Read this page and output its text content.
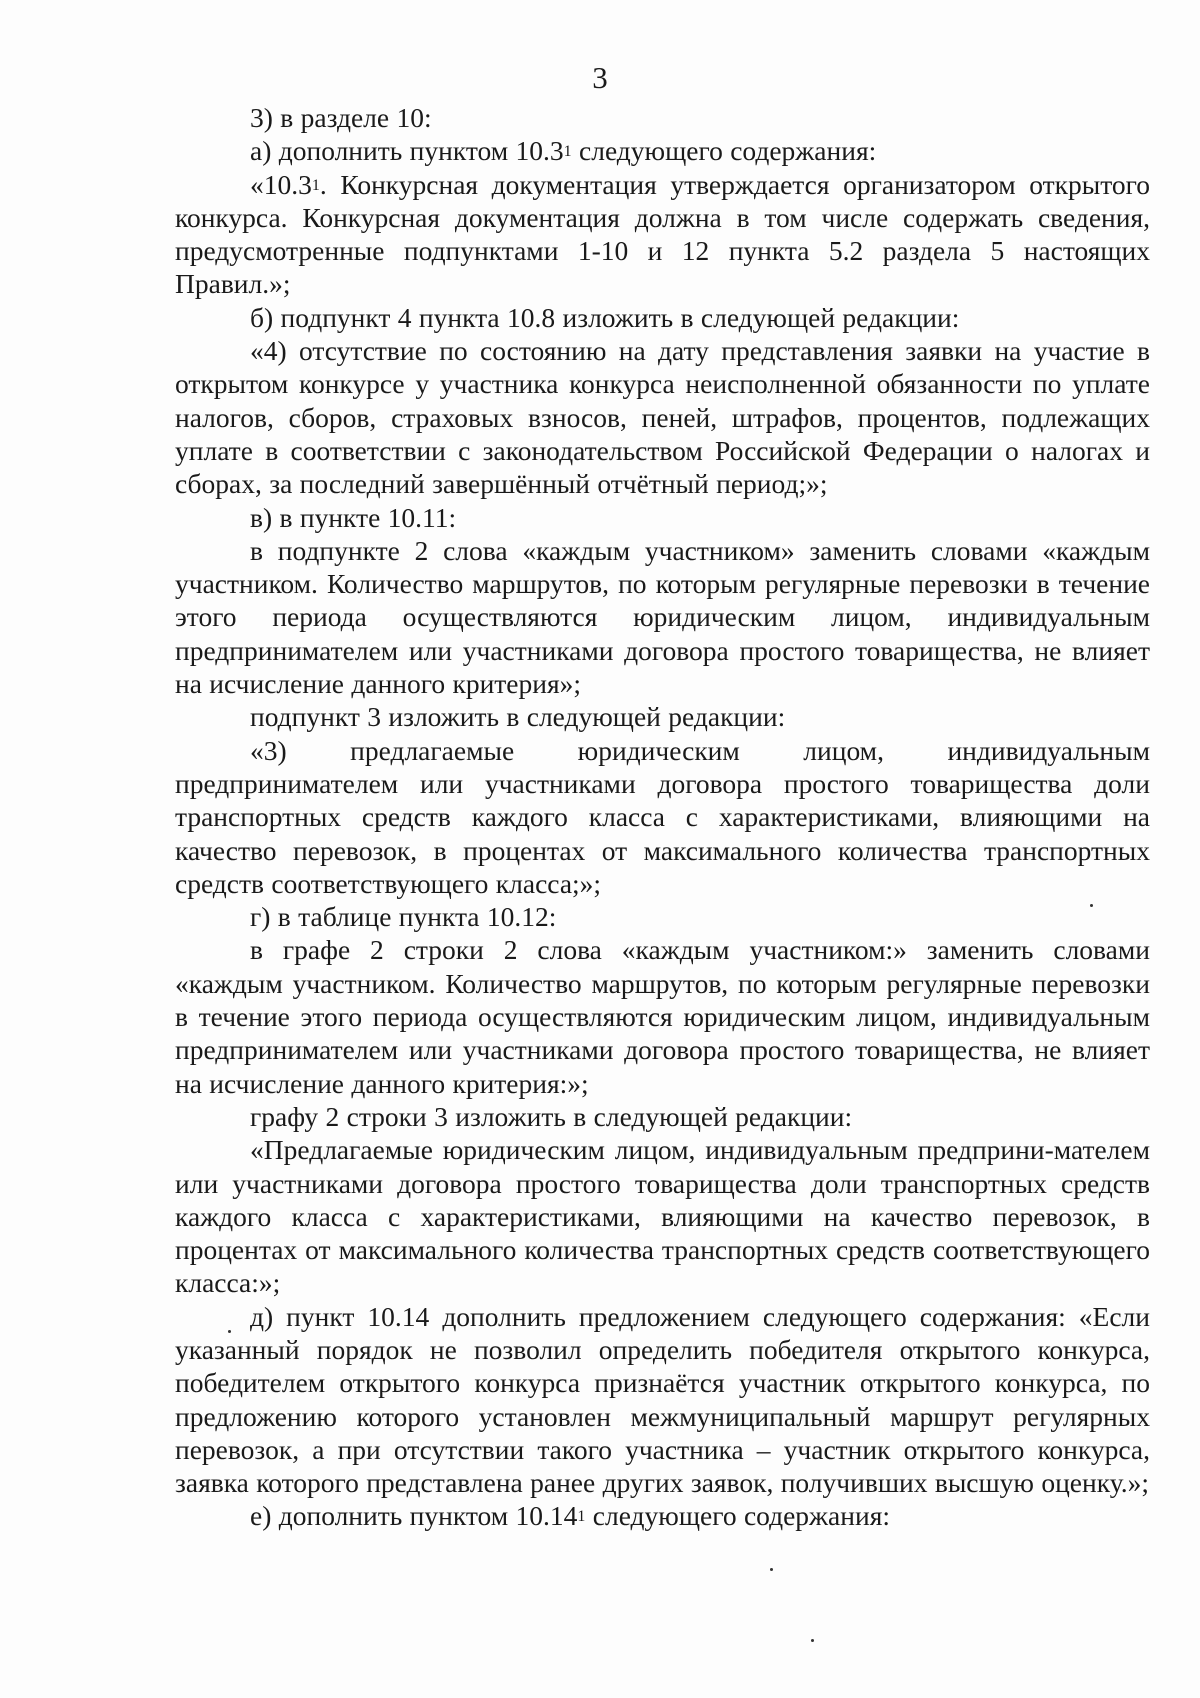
3

3) в разделе 10:

а) дополнить пунктом 10.3$^1$ следующего содержания:

«10.3$^1$. Конкурсная документация утверждается организатором открытого конкурса. Конкурсная документация должна в том числе содержать сведения, предусмотренные подпунктами 1-10 и 12 пункта 5.2 раздела 5 настоящих Правил.»;

б) подпункт 4 пункта 10.8 изложить в следующей редакции:

«4) отсутствие по состоянию на дату представления заявки на участие в открытом конкурсе у участника конкурса неисполненной обязанности по уплате налогов, сборов, страховых взносов, пеней, штрафов, процентов, подлежащих уплате в соответствии с законодательством Российской Федерации о налогах и сборах, за последний завершённый отчётный период;»;

в) в пункте 10.11:

в подпункте 2 слова «каждым участником» заменить словами «каждым участником. Количество маршрутов, по которым регулярные перевозки в течение этого периода осуществляются юридическим лицом, индивидуальным предпринимателем или участниками договора простого товарищества, не влияет на исчисление данного критерия»;

подпункт 3 изложить в следующей редакции:

«3) предлагаемые юридическим лицом, индивидуальным предпринимателем или участниками договора простого товарищества доли транспортных средств каждого класса с характеристиками, влияющими на качество перевозок, в процентах от максимального количества транспортных средств соответствующего класса;»;

г) в таблице пункта 10.12:

в графе 2 строки 2 слова «каждым участником:» заменить словами «каждым участником. Количество маршрутов, по которым регулярные перевозки в течение этого периода осуществляются юридическим лицом, индивидуальным предпринимателем или участниками договора простого товарищества, не влияет на исчисление данного критерия:»;

графу 2 строки 3 изложить в следующей редакции:

«Предлагаемые юридическим лицом, индивидуальным предприни-мателем или участниками договора простого товарищества доли транспортных средств каждого класса с характеристиками, влияющими на качество перевозок, в процентах от максимального количества транспортных средств соответствующего класса:»;

д) пункт 10.14 дополнить предложением следующего содержания: «Если указанный порядок не позволил определить победителя открытого конкурса, победителем открытого конкурса признаётся участник открытого конкурса, по предложению которого установлен межмуниципальный маршрут регулярных перевозок, а при отсутствии такого участника – участник открытого конкурса, заявка которого представлена ранее других заявок, получивших высшую оценку.»;

е) дополнить пунктом 10.14$^1$ следующего содержания:
